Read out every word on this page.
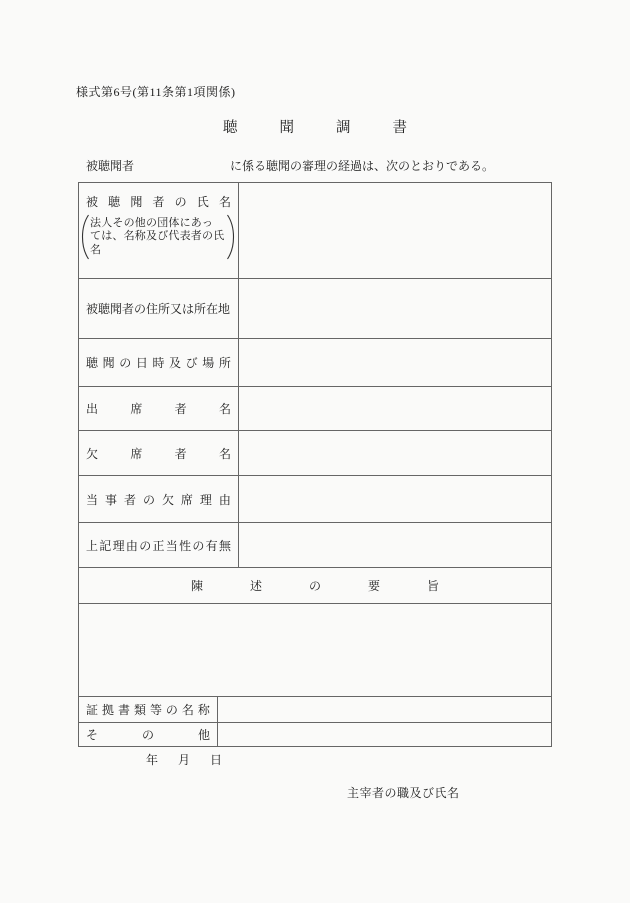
様式第6号(第11条第1項関係)
聴	聞	調	書
被聴聞者	に係る聴聞の審理の経過は、次のとおりである。
被 聴 聞 者 の 氏 名
法人その他の団体にあっ
ては、名称及び代表者の氏
名
被聴聞者の住所又は所在地
聴 聞 の 日 時 及 び 場 所
出	席	者	名
欠	席	者	名
当 事 者 の 欠 席 理 由
上 記 理 由 の 正 当 性 の 有 無
陳	述	の	要	旨
証 拠 書 類 等 の 名 称
そ	の	他
年 月 日
主宰者の職及び氏名
